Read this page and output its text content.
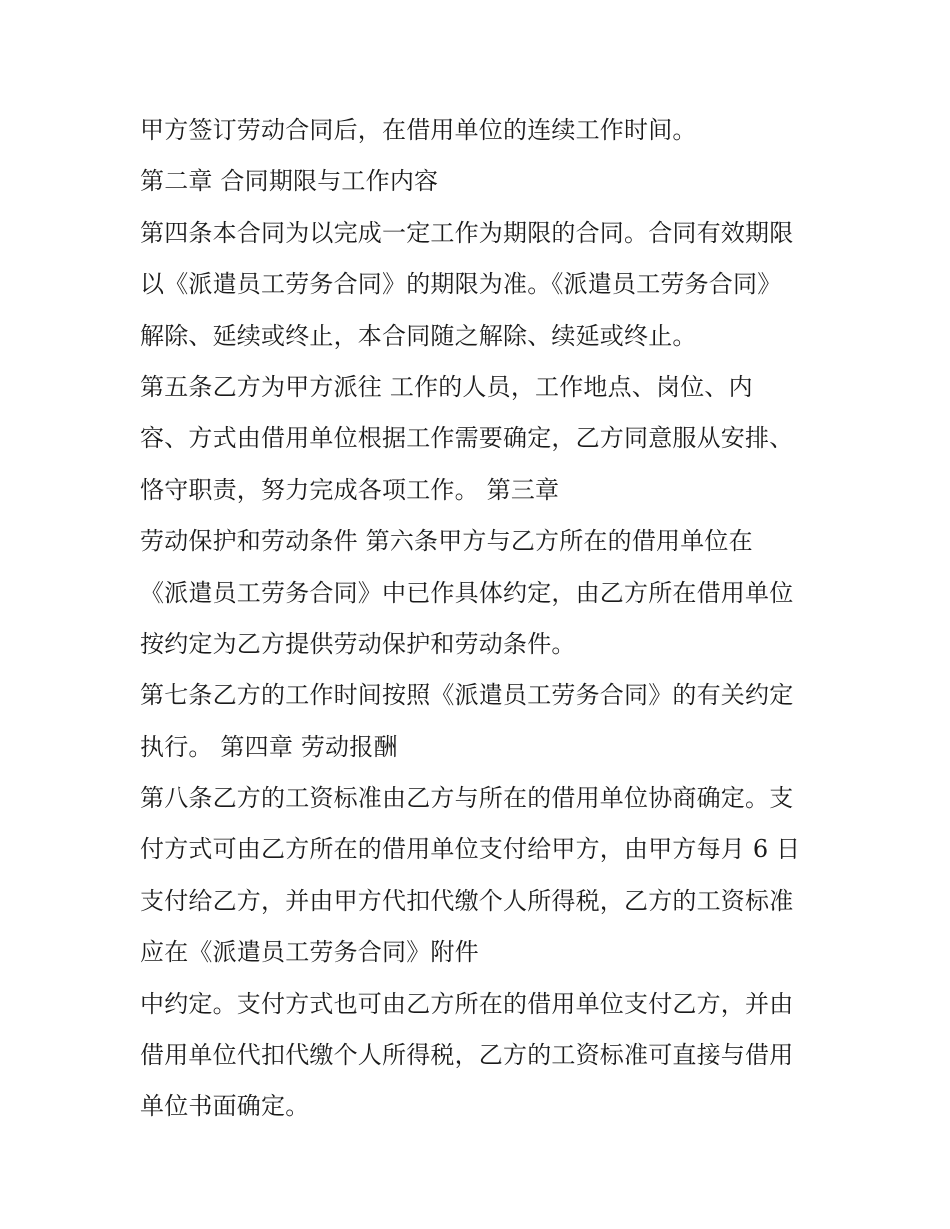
甲方签订劳动合同后，在借用单位的连续工作时间。
第二章 合同期限与工作内容
第四条本合同为以完成一定工作为期限的合同。合同有效期限
以《派遣员工劳务合同》的期限为准。《派遣员工劳务合同》
解除、延续或终止，本合同随之解除、续延或终止。
第五条乙方为甲方派往 工作的人员，工作地点、岗位、内
容、方式由借用单位根据工作需要确定，乙方同意服从安排、
恪守职责，努力完成各项工作。 第三章
劳动保护和劳动条件 第六条甲方与乙方所在的借用单位在
《派遣员工劳务合同》中已作具体约定，由乙方所在借用单位
按约定为乙方提供劳动保护和劳动条件。
第七条乙方的工作时间按照《派遣员工劳务合同》的有关约定
执行。 第四章 劳动报酬
第八条乙方的工资标准由乙方与所在的借用单位协商确定。支
付方式可由乙方所在的借用单位支付给甲方，由甲方每月 6 日
支付给乙方，并由甲方代扣代缴个人所得税，乙方的工资标准
应在《派遣员工劳务合同》附件
中约定。支付方式也可由乙方所在的借用单位支付乙方，并由
借用单位代扣代缴个人所得税，乙方的工资标准可直接与借用
单位书面确定。
